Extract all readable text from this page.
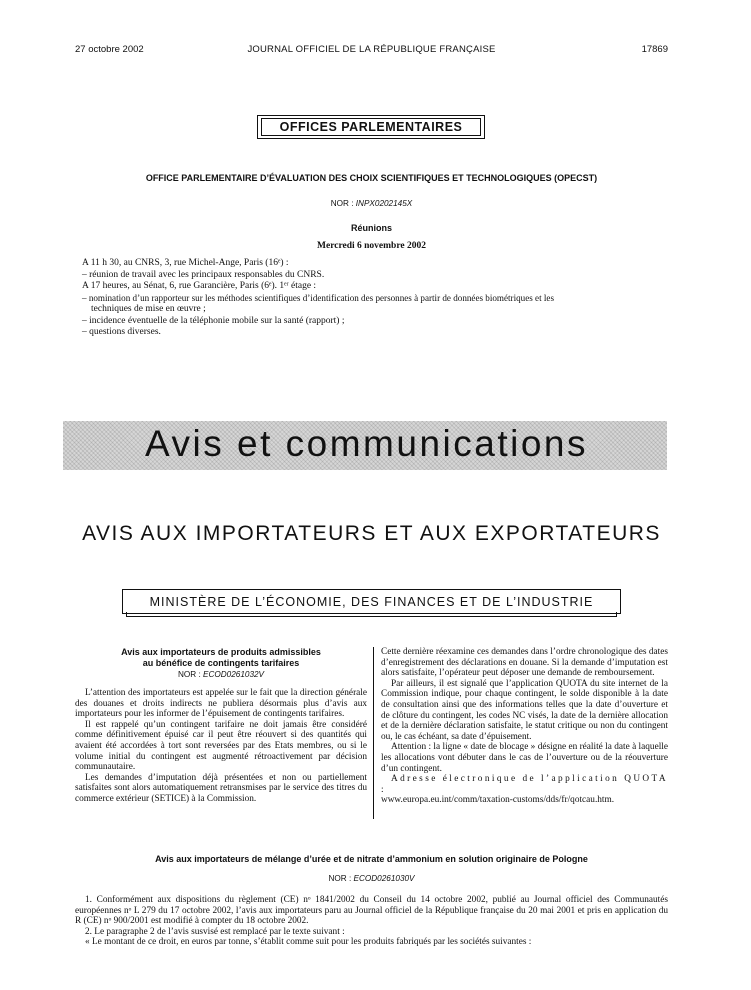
27 octobre 2002	JOURNAL OFFICIEL DE LA RÉPUBLIQUE FRANÇAISE	17869
OFFICES PARLEMENTAIRES
OFFICE PARLEMENTAIRE D’ÉVALUATION DES CHOIX SCIENTIFIQUES ET TECHNOLOGIQUES (OPECST)
NOR : INPX0202145X
Réunions
Mercredi 6 novembre 2002
A 11 h 30, au CNRS, 3, rue Michel-Ange, Paris (16ᵉ) :
– réunion de travail avec les principaux responsables du CNRS.
A 17 heures, au Sénat, 6, rue Garancière, Paris (6ᵉ). 1ᵉʳ étage :
– nomination d’un rapporteur sur les méthodes scientifiques d’identification des personnes à partir de données biométriques et les
techniques de mise en œuvre ;
– incidence éventuelle de la téléphonie mobile sur la santé (rapport) ;
– questions diverses.
Avis et communications
AVIS AUX IMPORTATEURS ET AUX EXPORTATEURS
MINISTÈRE DE L’ÉCONOMIE, DES FINANCES ET DE L’INDUSTRIE
Avis aux importateurs de produits admissibles
au bénéfice de contingents tarifaires
NOR : ECOD0261032V

L’attention des importateurs est appelée sur le fait que la direction générale des douanes et droits indirects ne publiera désormais plus d’avis aux importateurs pour les informer de l’épuisement de contingents tarifaires.

Il est rappelé qu’un contingent tarifaire ne doit jamais être considéré comme définitivement épuisé car il peut être réouvert si des quantités qui avaient été accordées à tort sont reversées par des Etats membres, ou si le volume initial du contingent est augmenté rétroactivement par décision communautaire.

Les demandes d’imputation déjà présentées et non ou partiellement satisfaites sont alors automatiquement retransmises par le service des titres du commerce extérieur (SETICE) à la Commission.

Cette dernière réexamine ces demandes dans l’ordre chronologique des dates d’enregistrement des déclarations en douane. Si la demande d’imputation est alors satisfaite, l’opérateur peut déposer une demande de remboursement.

Par ailleurs, il est signalé que l’application QUOTA du site internet de la Commission indique, pour chaque contingent, le solde disponible à la date de consultation ainsi que des informations telles que la date d’ouverture et de clôture du contingent, les codes NC visés, la date de la dernière allocation et de la dernière déclaration satisfaite, le statut critique ou non du contingent ou, le cas échéant, sa date d’épuisement.

Attention : la ligne « date de blocage » désigne en réalité la date à laquelle les allocations vont débuter dans le cas de l’ouverture ou de la réouverture d’un contingent.

Adresse électronique de l’application QUOTA :

www.europa.eu.int/comm/taxation-customs/dds/fr/qotcau.htm.

Avis aux importateurs de mélange d’urée et de nitrate d’ammonium en solution originaire de Pologne
NOR : ECOD0261030V

1. Conformément aux dispositions du règlement (CE) nᵒ 1841/2002 du Conseil du 14 octobre 2002, publié au Journal officiel des Communautés européennes nᵒ L 279 du 17 octobre 2002, l’avis aux importateurs paru au Journal officiel de la République française du 20 mai 2001 et pris en application du R (CE) nᵒ 900/2001 est modifié à compter du 18 octobre 2002.

2. Le paragraphe 2 de l’avis susvisé est remplacé par le texte suivant :

« Le montant de ce droit, en euros par tonne, s’établit comme suit pour les produits fabriqués par les sociétés suivantes :
